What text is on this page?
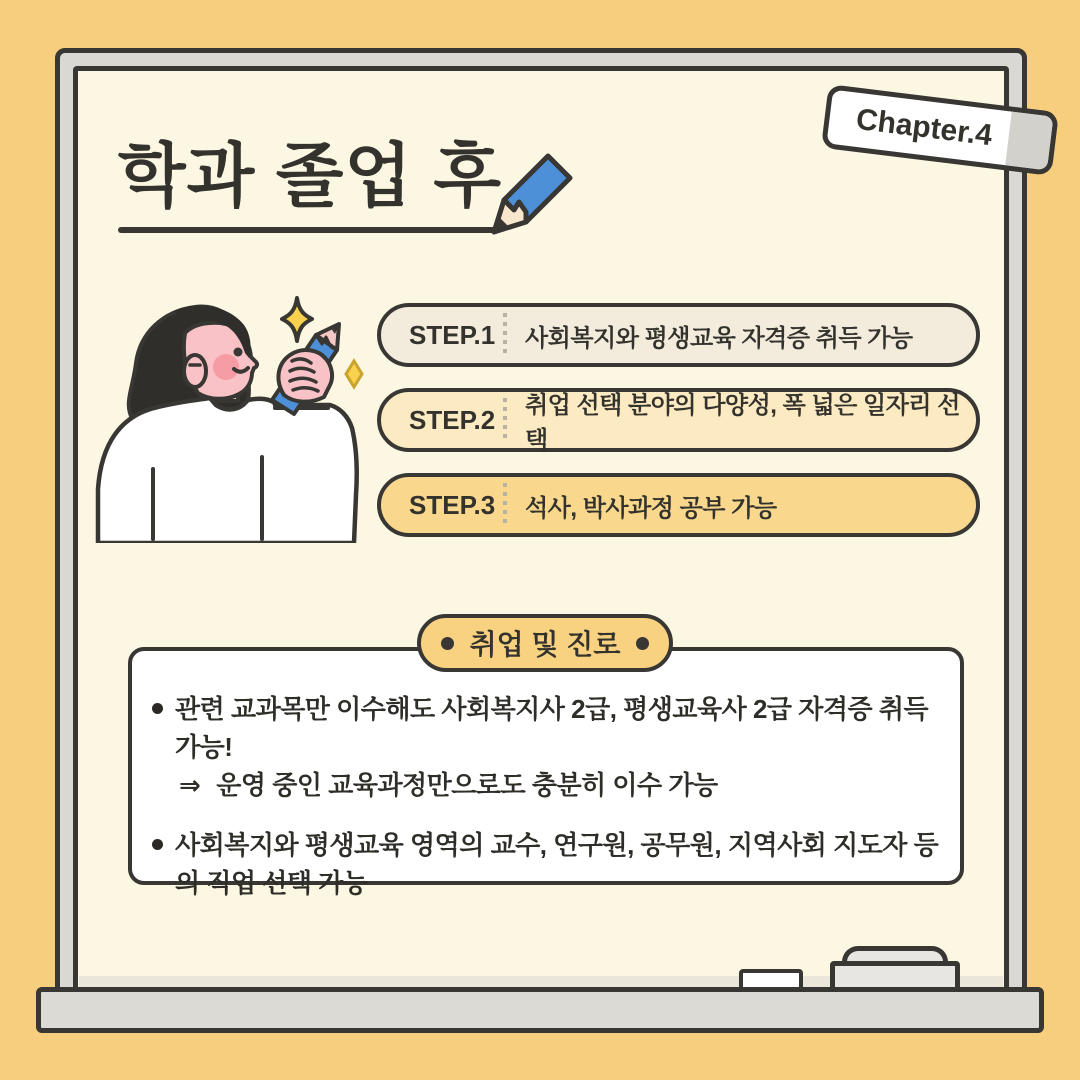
학과 졸업 후
Chapter.4
STEP.1 사회복지와 평생교육 자격증 취득 가능
STEP.2 취업 선택 분야의 다양성, 폭 넓은 일자리 선택
STEP.3 석사, 박사과정 공부 가능
취업 및 진로
관련 교과목만 이수해도 사회복지사 2급, 평생교육사 2급 자격증 취득 가능!
⇒ 운영 중인 교육과정만으로도 충분히 이수 가능
사회복지와 평생교육 영역의 교수, 연구원, 공무원, 지역사회 지도자 등의 직업 선택 가능
